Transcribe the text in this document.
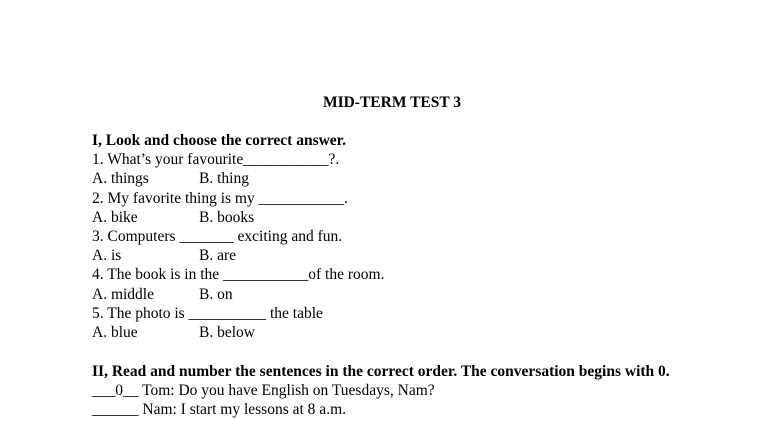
MID-TERM TEST 3
I, Look and choose the correct answer.
1. What’s your favourite___________?.
A. things	B. thing
2. My favorite thing is my ___________.
A. bike	B. books
3. Computers _______ exciting and fun.
A. is	B. are
4. The book is in the ___________of the room.
A. middle	B. on
5. The photo is __________ the table
A. blue	B. below
II, Read and number the sentences in the correct order. The conversation begins with 0.
___0__ Tom: Do you have English on Tuesdays, Nam?
______ Nam: I start my lessons at 8 a.m.
